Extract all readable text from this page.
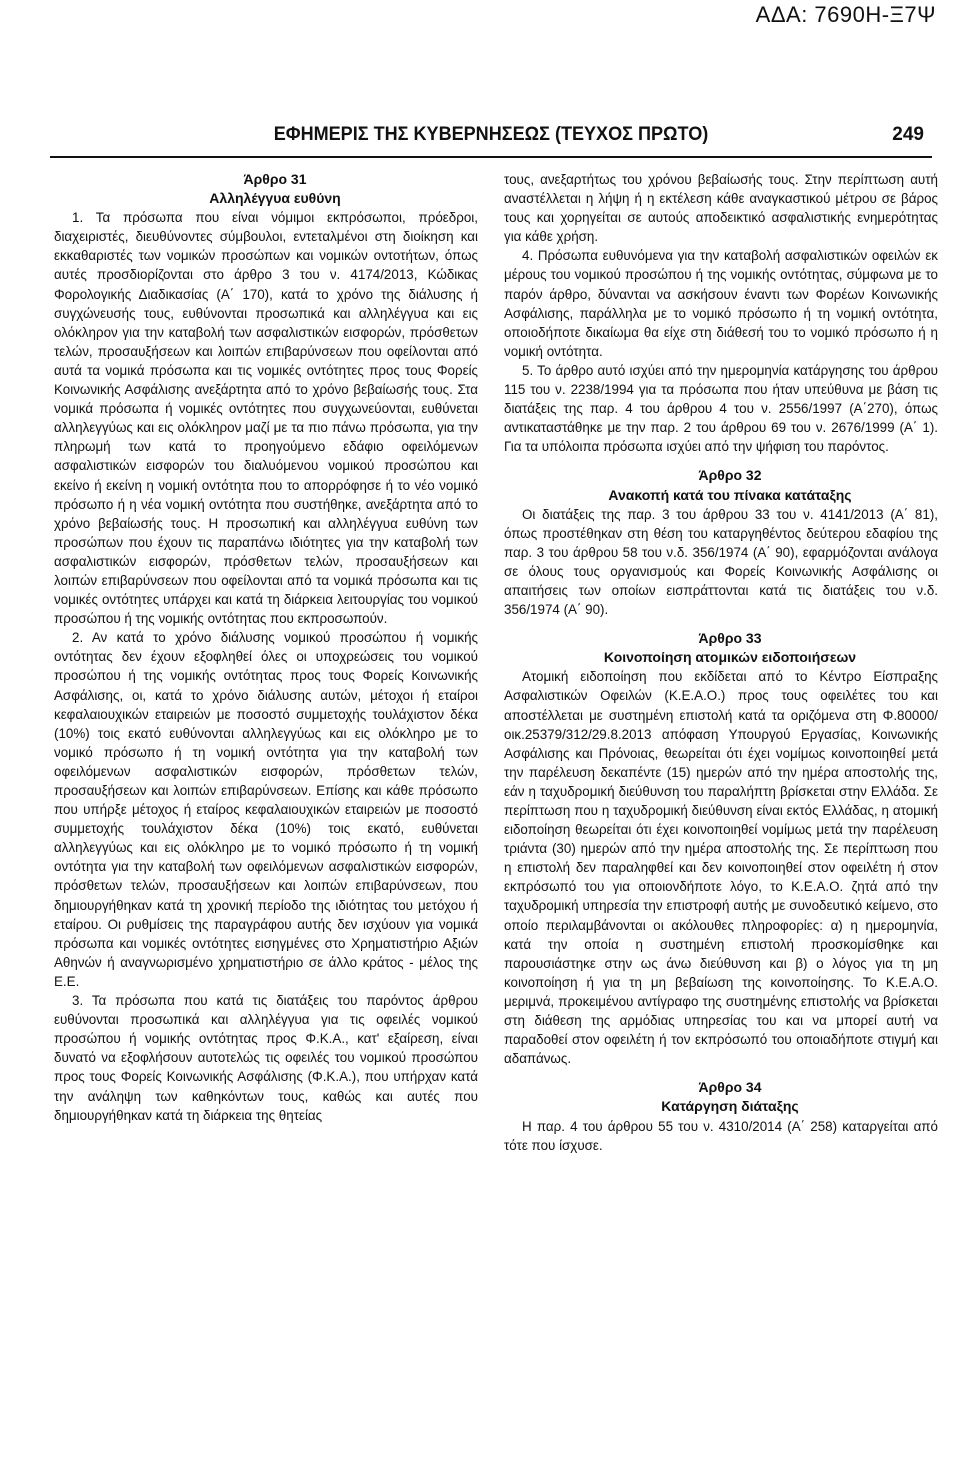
ΑΔΑ: 7690Η-Ξ7Ψ
ΕΦΗΜΕΡΙΣ ΤΗΣ ΚΥΒΕΡΝΗΣΕΩΣ (ΤΕΥΧΟΣ ΠΡΩΤΟ)	249

Άρθρο 31

Αλληλέγγυα ευθύνη

1. Τα πρόσωπα που είναι νόμιμοι εκπρόσωποι, πρόεδροι, διαχειριστές, διευθύνοντες σύμβουλοι, εντεταλμένοι στη διοίκηση και εκκαθαριστές των νομικών προσώπων και νομικών οντοτήτων, όπως αυτές προσδιορίζονται στο άρθρο 3 του ν. 4174/2013, Κώδικας Φορολογικής Διαδικασίας (Α΄ 170), κατά το χρόνο της διάλυσης ή συγχώνευσής τους, ευθύνονται προσωπικά και αλληλέγγυα και εις ολόκληρον για την καταβολή των ασφαλιστικών εισφορών, πρόσθετων τελών, προσαυξήσεων και λοιπών επιβαρύνσεων που οφείλονται από αυτά τα νομικά πρόσωπα και τις νομικές οντότητες προς τους Φορείς Κοινωνικής Ασφάλισης ανεξάρτητα από το χρόνο βεβαίωσής τους. Στα νομικά πρόσωπα ή νομικές οντότητες που συγχωνεύονται, ευθύνεται αλληλεγγύως και εις ολόκληρον μαζί με τα πιο πάνω πρόσωπα, για την πληρωμή των κατά το προηγούμενο εδάφιο οφειλόμενων ασφαλιστικών εισφορών του διαλυόμενου νομικού προσώπου και εκείνο ή εκείνη η νομική οντότητα που το απορρόφησε ή το νέο νομικό πρόσωπο ή η νέα νομική οντότητα που συστήθηκε, ανεξάρτητα από το χρόνο βεβαίωσής τους. Η προσωπική και αλληλέγγυα ευθύνη των προσώπων που έχουν τις παραπάνω ιδιότητες για την καταβολή των ασφαλιστικών εισφορών, πρόσθετων τελών, προσαυξήσεων και λοιπών επιβαρύνσεων που οφείλονται από τα νομικά πρόσωπα και τις νομικές οντότητες υπάρχει και κατά τη διάρκεια λειτουργίας του νομικού προσώπου ή της νομικής οντότητας που εκπροσωπούν.

2. Αν κατά το χρόνο διάλυσης νομικού προσώπου ή νομικής οντότητας δεν έχουν εξοφληθεί όλες οι υποχρεώσεις του νομικού προσώπου ή της νομικής οντότητας προς τους Φορείς Κοινωνικής Ασφάλισης, οι, κατά το χρόνο διάλυσης αυτών, μέτοχοι ή εταίροι κεφαλαιουχικών εταιρειών με ποσοστό συμμετοχής τουλάχιστον δέκα (10%) τοις εκατό ευθύνονται αλληλεγγύως και εις ολόκληρο με το νομικό πρόσωπο ή τη νομική οντότητα για την καταβολή των οφειλόμενων ασφαλιστικών εισφορών, πρόσθετων τελών, προσαυξήσεων και λοιπών επιβαρύνσεων. Επίσης και κάθε πρόσωπο που υπήρξε μέτοχος ή εταίρος κεφαλαιουχικών εταιρειών με ποσοστό συμμετοχής τουλάχιστον δέκα (10%) τοις εκατό, ευθύνεται αλληλεγγύως και εις ολόκληρο με το νομικό πρόσωπο ή τη νομική οντότητα για την καταβολή των οφειλόμενων ασφαλιστικών εισφορών, πρόσθετων τελών, προσαυξήσεων και λοιπών επιβαρύνσεων, που δημιουργήθηκαν κατά τη χρονική περίοδο της ιδιότητας του μετόχου ή εταίρου. Οι ρυθμίσεις της παραγράφου αυτής δεν ισχύουν για νομικά πρόσωπα και νομικές οντότητες εισηγμένες στο Χρηματιστήριο Αξιών Αθηνών ή αναγνωρισμένο χρηματιστήριο σε άλλο κράτος - μέλος της Ε.Ε.

3. Τα πρόσωπα που κατά τις διατάξεις του παρόντος άρθρου ευθύνονται προσωπικά και αλληλέγγυα για τις οφειλές νομικού προσώπου ή νομικής οντότητας προς Φ.Κ.Α., κατ' εξαίρεση, είναι δυνατό να εξοφλήσουν αυτοτελώς τις οφειλές του νομικού προσώπου προς τους Φορείς Κοινωνικής Ασφάλισης (Φ.Κ.Α.), που υπήρχαν κατά την ανάληψη των καθηκόντων τους, καθώς και αυτές που δημιουργήθηκαν κατά τη διάρκεια της θητείας

τους, ανεξαρτήτως του χρόνου βεβαίωσής τους. Στην περίπτωση αυτή αναστέλλεται η λήψη ή η εκτέλεση κάθε αναγκαστικού μέτρου σε βάρος τους και χορηγείται σε αυτούς αποδεικτικό ασφαλιστικής ενημερότητας για κάθε χρήση.

4. Πρόσωπα ευθυνόμενα για την καταβολή ασφαλιστικών οφειλών εκ μέρους του νομικού προσώπου ή της νομικής οντότητας, σύμφωνα με το παρόν άρθρο, δύνανται να ασκήσουν έναντι των Φορέων Κοινωνικής Ασφάλισης, παράλληλα με το νομικό πρόσωπο ή τη νομική οντότητα, οποιοδήποτε δικαίωμα θα είχε στη διάθεσή του το νομικό πρόσωπο ή η νομική οντότητα.

5. Το άρθρο αυτό ισχύει από την ημερομηνία κατάργησης του άρθρου 115 του ν. 2238/1994 για τα πρόσωπα που ήταν υπεύθυνα με βάση τις διατάξεις της παρ. 4 του άρθρου 4 του ν. 2556/1997 (Α΄270), όπως αντικαταστάθηκε με την παρ. 2 του άρθρου 69 του ν. 2676/1999 (Α΄ 1). Για τα υπόλοιπα πρόσωπα ισχύει από την ψήφιση του παρόντος.

Άρθρο 32

Ανακοπή κατά του πίνακα κατάταξης

Οι διατάξεις της παρ. 3 του άρθρου 33 του ν. 4141/2013 (Α΄ 81), όπως προστέθηκαν στη θέση του καταργηθέντος δεύτερου εδαφίου της παρ. 3 του άρθρου 58 του ν.δ. 356/1974 (Α΄ 90), εφαρμόζονται ανάλογα σε όλους τους οργανισμούς και Φορείς Κοινωνικής Ασφάλισης οι απαιτήσεις των οποίων εισπράττονται κατά τις διατάξεις του ν.δ. 356/1974 (Α΄ 90).

Άρθρο 33

Κοινοποίηση ατομικών ειδοποιήσεων

Ατομική ειδοποίηση που εκδίδεται από το Κέντρο Είσπραξης Ασφαλιστικών Οφειλών (Κ.Ε.Α.Ο.) προς τους οφειλέτες του και αποστέλλεται με συστημένη επιστολή κατά τα οριζόμενα στη Φ.80000/οικ.25379/312/29.8.2013 απόφαση Υπουργού Εργασίας, Κοινωνικής Ασφάλισης και Πρόνοιας, θεωρείται ότι έχει νομίμως κοινοποιηθεί μετά την παρέλευση δεκαπέντε (15) ημερών από την ημέρα αποστολής της, εάν η ταχυδρομική διεύθυνση του παραλήπτη βρίσκεται στην Ελλάδα. Σε περίπτωση που η ταχυδρομική διεύθυνση είναι εκτός Ελλάδας, η ατομική ειδοποίηση θεωρείται ότι έχει κοινοποιηθεί νομίμως μετά την παρέλευση τριάντα (30) ημερών από την ημέρα αποστολής της. Σε περίπτωση που η επιστολή δεν παραληφθεί και δεν κοινοποιηθεί στον οφειλέτη ή στον εκπρόσωπό του για οποιονδήποτε λόγο, το Κ.Ε.Α.Ο. ζητά από την ταχυδρομική υπηρεσία την επιστροφή αυτής με συνοδευτικό κείμενο, στο οποίο περιλαμβάνονται οι ακόλουθες πληροφορίες: α) η ημερομηνία, κατά την οποία η συστημένη επιστολή προσκομίσθηκε και παρουσιάστηκε στην ως άνω διεύθυνση και β) ο λόγος για τη μη κοινοποίηση ή για τη μη βεβαίωση της κοινοποίησης. Το Κ.Ε.Α.Ο. μεριμνά, προκειμένου αντίγραφο της συστημένης επιστολής να βρίσκεται στη διάθεση της αρμόδιας υπηρεσίας του και να μπορεί αυτή να παραδοθεί στον οφειλέτη ή τον εκπρόσωπό του οποιαδήποτε στιγμή και αδαπάνως.

Άρθρο 34

Κατάργηση διάταξης

Η παρ. 4 του άρθρου 55 του ν. 4310/2014 (Α΄ 258) καταργείται από τότε που ίσχυσε.
